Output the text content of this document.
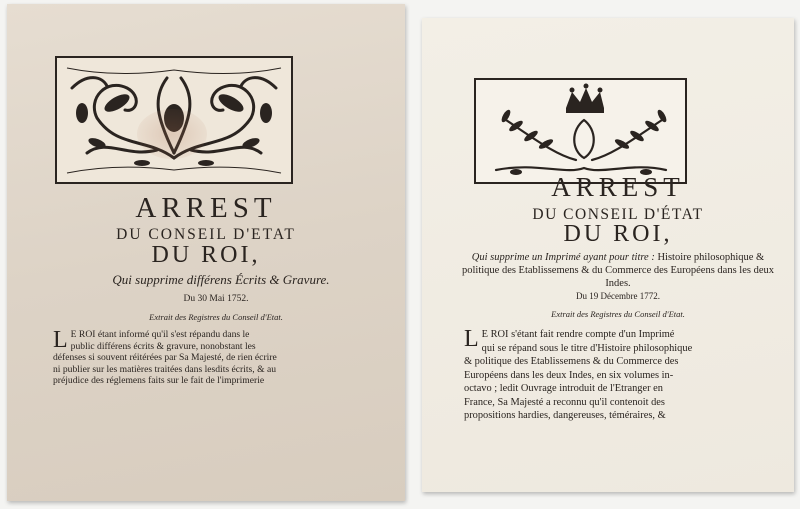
ARREST
DU CONSEIL D'ETAT
DU ROI,
Qui supprime différens Écrits & Gravure.
Du 30 Mai 1752.
Extrait des Registres du Conseil d'Etat.
L E ROI étant informé qu'il s'est répandu dans le
public différens écrits & gravure, nonobstant les
défenses si souvent réitérées par Sa Majesté, de rien écrire
ni publier sur les matières traitées dans lesdits écrits, & au
préjudice des réglemens faits sur le fait de l'imprimerie
ARREST
DU CONSEIL D'ÉTAT
DU ROI,
Qui supprime un Imprimé ayant pour titre : Histoire philosophique & politique des Etablissemens & du Commerce des Européens dans les deux Indes.
Du 19 Décembre 1772.
Extrait des Registres du Conseil d'Etat.
L E ROI s'étant fait rendre compte d'un Imprimé
qui se répand sous le titre d'Histoire philosophique
& politique des Etablissemens & du Commerce des
Européens dans les deux Indes, en six volumes in-
octavo ; ledit Ouvrage introduit de l'Etranger en
France, Sa Majesté a reconnu qu'il contenoit des
propositions hardies, dangereuses, téméraires, &
